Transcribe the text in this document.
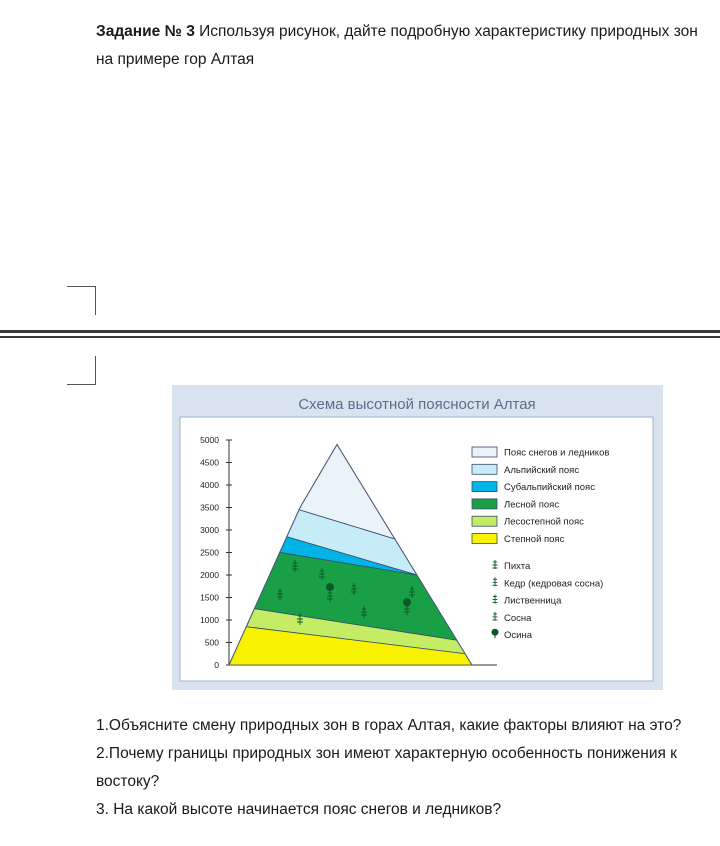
Задание № 3 Используя рисунок, дайте подробную характеристику природных зон
на примере гор Алтая
Схема высотной поясности Алтая
0
500
1000
1500
2000
2500
3000
3500
4000
4500
5000
Пояс снегов и ледников
Альпийский пояс
Субальпийский пояс
Лесной пояс
Лесостепной пояс
Степной пояс
Пихта
Кедр (кедровая сосна)
Лиственница
Сосна
Осина

1.Объясните смену природных зон в горах Алтая, какие факторы влияют на это?

2.Почему границы природных зон имеют характерную особенность понижения к востоку?

3. На какой высоте начинается пояс снегов и ледников?
